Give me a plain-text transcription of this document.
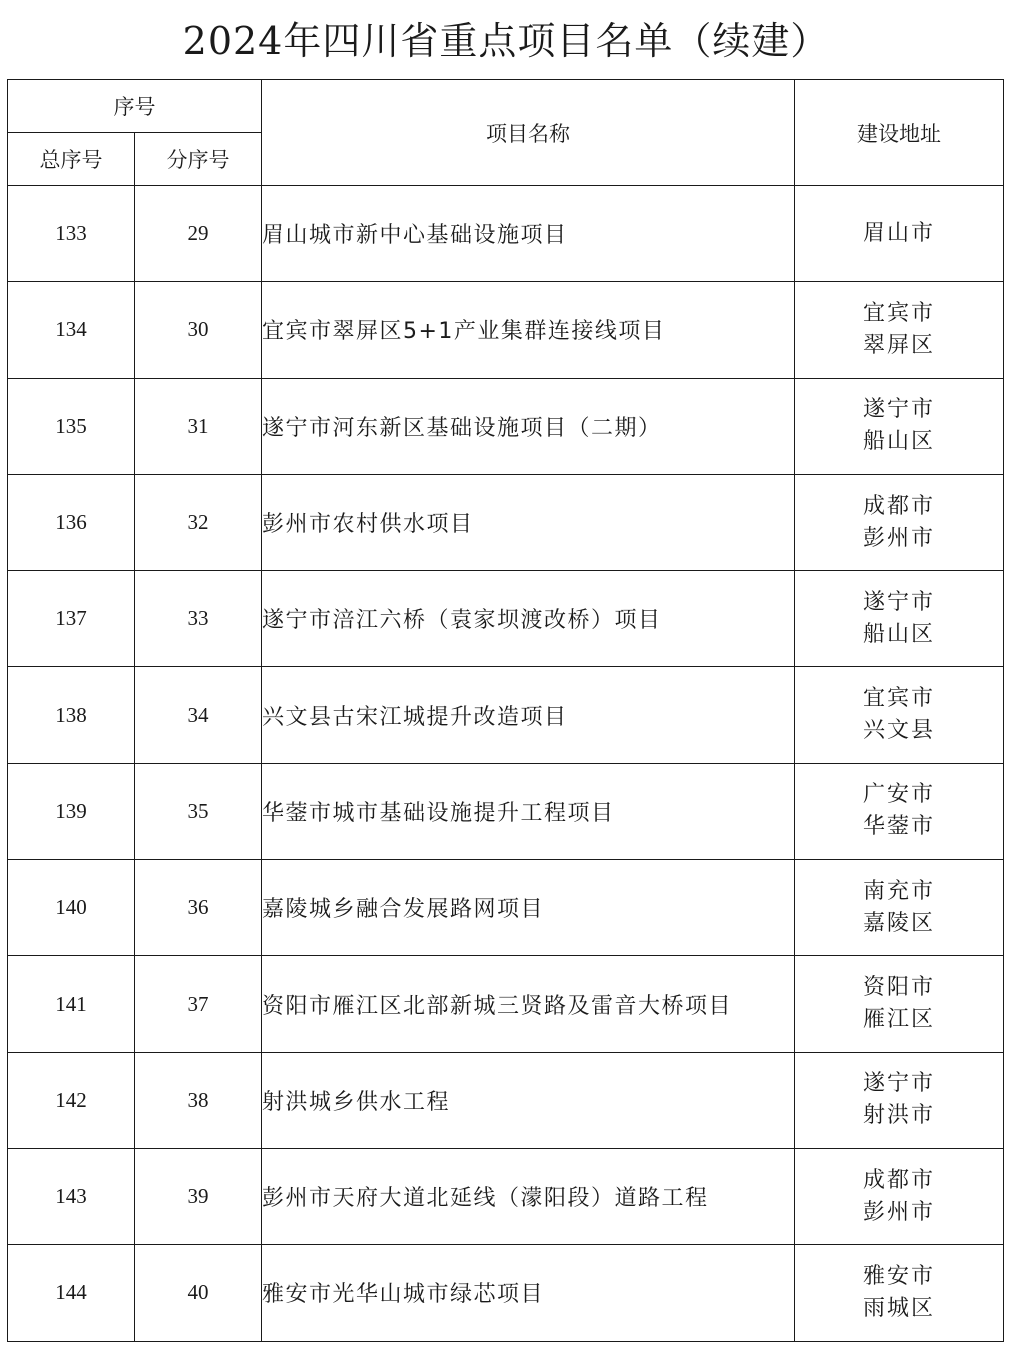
2024年四川省重点项目名单（续建）
序号		项目名称	建设地址
总序号	分序号		
133	29	眉山城市新中心基础设施项目	眉山市

134	30	宜宾市翠屏区5+1产业集群连接线项目	宜宾市
翠屏区

135	31	遂宁市河东新区基础设施项目（二期）	遂宁市
船山区

136	32	彭州市农村供水项目	成都市
彭州市

137	33	遂宁市涪江六桥（袁家坝渡改桥）项目	遂宁市
船山区

138	34	兴文县古宋江城提升改造项目	宜宾市
兴文县

139	35	华蓥市城市基础设施提升工程项目	广安市
华蓥市

140	36	嘉陵城乡融合发展路网项目	南充市
嘉陵区

141	37	资阳市雁江区北部新城三贤路及雷音大桥项目	资阳市
雁江区

142	38	射洪城乡供水工程	遂宁市
射洪市

143	39	彭州市天府大道北延线（濛阳段）道路工程	成都市
彭州市

144	40	雅安市光华山城市绿芯项目	雅安市
雨城区
